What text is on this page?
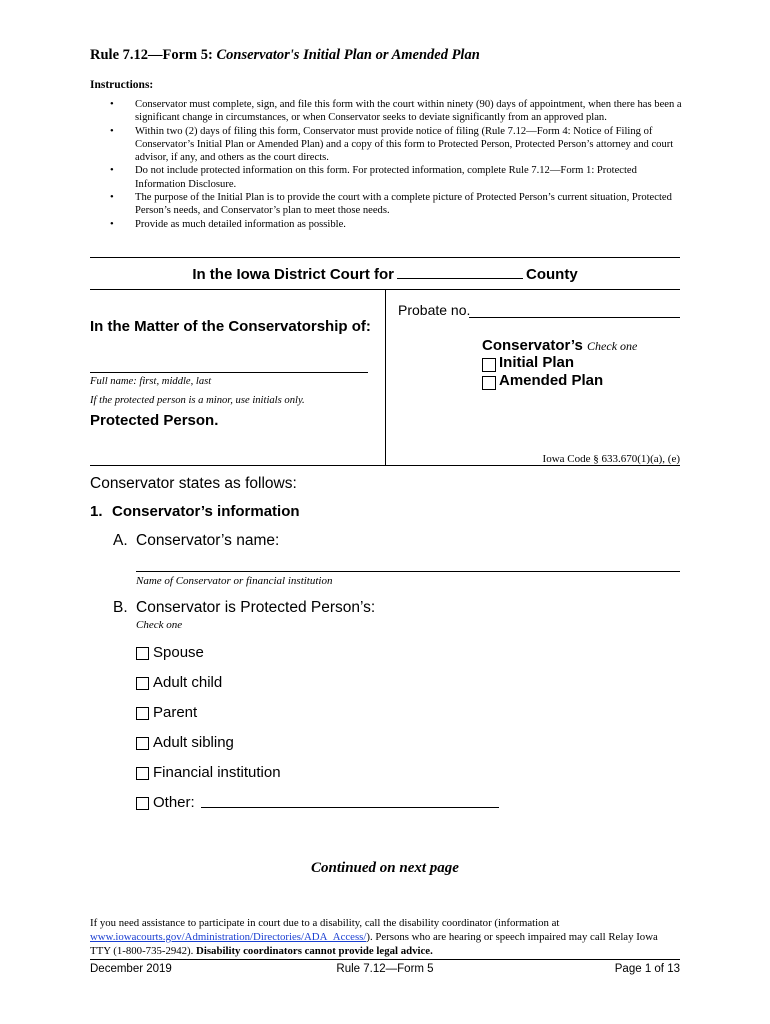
Rule 7.12—Form 5: Conservator's Initial Plan or Amended Plan
Instructions:
• Conservator must complete, sign, and file this form with the court within ninety (90) days of appointment, when there has been a significant change in circumstances, or when Conservator seeks to deviate significantly from an approved plan.
• Within two (2) days of filing this form, Conservator must provide notice of filing (Rule 7.12—Form 4: Notice of Filing of Conservator’s Initial Plan or Amended Plan) and a copy of this form to Protected Person, Protected Person’s attorney and court advisor, if any, and others as the court directs.
• Do not include protected information on this form. For protected information, complete Rule 7.12—Form 1: Protected Information Disclosure.
• The purpose of the Initial Plan is to provide the court with a complete picture of Protected Person’s current situation, Protected Person’s needs, and Conservator’s plan to meet those needs.
• Provide as much detailed information as possible.
In the Iowa District Court for	County
In the Matter of the Conservatorship of:
Full name: first, middle, last
If the protected person is a minor, use initials only.
Protected Person.
Probate no.
Conservator’s Check one
Initial Plan
Amended Plan
Iowa Code § 633.670(1)(a), (e)
Conservator states as follows:
1. Conservator’s information
A. Conservator’s name:
Name of Conservator or financial institution
B. Conservator is Protected Person’s:
Check one
Spouse
Adult child
Parent
Adult sibling
Financial institution
Other:
Continued on next page
If you need assistance to participate in court due to a disability, call the disability coordinator (information at www.iowacourts.gov/Administration/Directories/ADA_Access/). Persons who are hearing or speech impaired may call Relay Iowa TTY (1-800-735-2942). Disability coordinators cannot provide legal advice.
December 2019	Rule 7.12—Form 5	Page 1 of 13
